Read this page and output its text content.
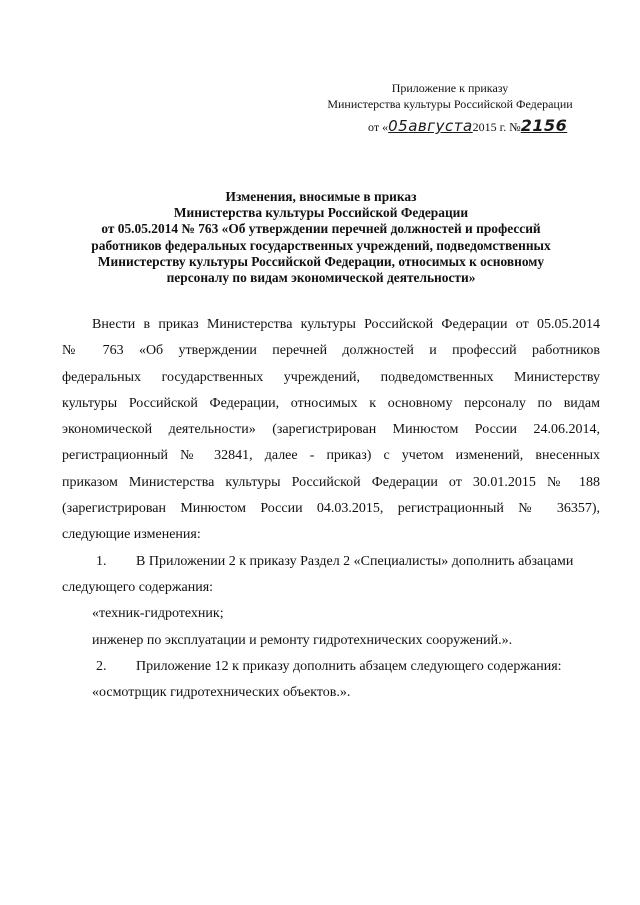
Приложение к приказу
Министерства культуры Российской Федерации
от «05августа2015 г. №2156
Изменения, вносимые в приказ
Министерства культуры Российской Федерации
от 05.05.2014 № 763 «Об утверждении перечней должностей и профессий
работников федеральных государственных учреждений, подведомственных
Министерству культуры Российской Федерации, относимых к основному
персоналу по видам экономической деятельности»
Внести в приказ Министерства культуры Российской Федерации от 05.05.2014
№ 763 «Об утверждении перечней должностей и профессий работников
федеральных государственных учреждений, подведомственных Министерству
культуры Российской Федерации, относимых к основному персоналу по видам
экономической деятельности» (зарегистрирован Минюстом России 24.06.2014,
регистрационный № 32841, далее - приказ) с учетом изменений, внесенных
приказом Министерства культуры Российской Федерации от 30.01.2015 № 188
(зарегистрирован Минюстом России 04.03.2015, регистрационный № 36357),
следующие изменения:
1. В Приложении 2 к приказу Раздел 2 «Специалисты» дополнить абзацами
следующего содержания:
«техник-гидротехник;
инженер по эксплуатации и ремонту гидротехнических сооружений.».
2. Приложение 12 к приказу дополнить абзацем следующего содержания:
«осмотрщик гидротехнических объектов.».
